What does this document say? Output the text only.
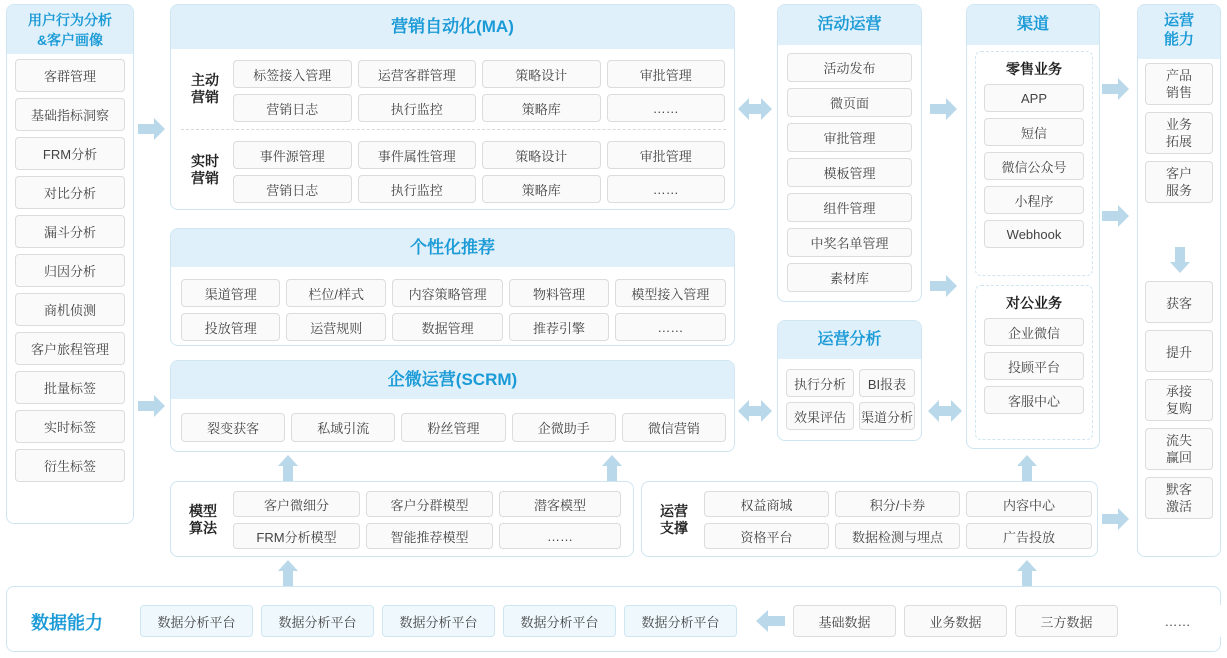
用户行为分析
&客户画像
客群管理
基础指标洞察
FRM分析
对比分析
漏斗分析
归因分析
商机侦测
客户旅程管理
批量标签
实时标签
衍生标签
营销自动化(MA)
主动
营销
标签接入管理	运营客群管理	策略设计	审批管理
营销日志	执行监控	策略库	……
实时
营销
事件源管理	事件属性管理	策略设计	审批管理
营销日志	执行监控	策略库	……
个性化推荐
渠道管理	栏位/样式	内容策略管理	物料管理	模型接入管理
投放管理	运营规则	数据管理	推荐引擎	……
企微运营(SCRM)
裂变获客	私域引流	粉丝管理	企微助手	微信营销
模型
算法
客户微细分	客户分群模型	潜客模型
FRM分析模型	智能推荐模型	……
运营
支撑
权益商城	积分/卡券	内容中心
资格平台	数据检测与埋点	广告投放
活动运营
活动发布
微页面
审批管理
模板管理
组件管理
中奖名单管理
素材库
运营分析
执行分析	BI报表
效果评估	渠道分析
渠道
零售业务
APP
短信
微信公众号
小程序
Webhook
对公业务
企业微信
投顾平台
客服中心
运营
能力
产品
销售
业务
拓展
客户
服务
获客
提升
承接
复购
流失
赢回
默客
激活
数据能力	数据分析平台	数据分析平台	数据分析平台	数据分析平台	数据分析平台	基础数据	业务数据	三方数据	……
